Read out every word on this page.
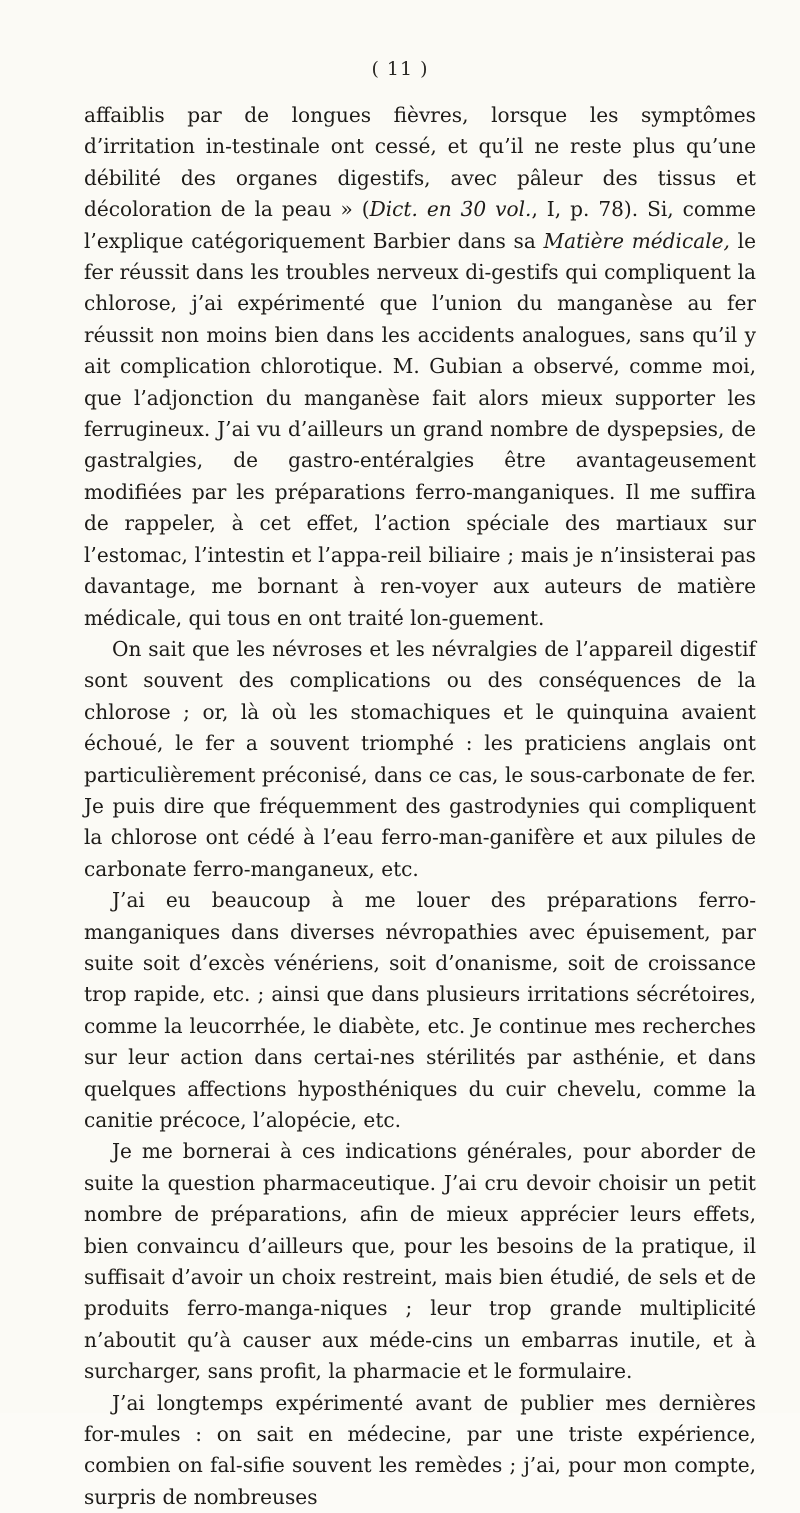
( 11 )

affaiblis par de longues fièvres, lorsque les symptômes d’irritation in-testinale ont cessé, et qu’il ne reste plus qu’une débilité des organes digestifs, avec pâleur des tissus et décoloration de la peau » (Dict. en 30 vol., I, p. 78). Si, comme l’explique catégoriquement Barbier dans sa Matière médicale, le fer réussit dans les troubles nerveux di-gestifs qui compliquent la chlorose, j’ai expérimenté que l’union du manganèse au fer réussit non moins bien dans les accidents analogues, sans qu’il y ait complication chlorotique. M. Gubian a observé, comme moi, que l’adjonction du manganèse fait alors mieux supporter les ferrugineux. J’ai vu d’ailleurs un grand nombre de dyspepsies, de gastralgies, de gastro-entéralgies être avantageusement modifiées par les préparations ferro-manganiques. Il me suffira de rappeler, à cet effet, l’action spéciale des martiaux sur l’estomac, l’intestin et l’appa-reil biliaire ; mais je n’insisterai pas davantage, me bornant à ren-voyer aux auteurs de matière médicale, qui tous en ont traité lon-guement.

On sait que les névroses et les névralgies de l’appareil digestif sont souvent des complications ou des conséquences de la chlorose ; or, là où les stomachiques et le quinquina avaient échoué, le fer a souvent triomphé : les praticiens anglais ont particulièrement préconisé, dans ce cas, le sous-carbonate de fer. Je puis dire que fréquemment des gastrodynies qui compliquent la chlorose ont cédé à l’eau ferro-man-ganifère et aux pilules de carbonate ferro-manganeux, etc.

J’ai eu beaucoup à me louer des préparations ferro-manganiques dans diverses névropathies avec épuisement, par suite soit d’excès vénériens, soit d’onanisme, soit de croissance trop rapide, etc. ; ainsi que dans plusieurs irritations sécrétoires, comme la leucorrhée, le diabète, etc. Je continue mes recherches sur leur action dans certai-nes stérilités par asthénie, et dans quelques affections hyposthéniques du cuir chevelu, comme la canitie précoce, l’alopécie, etc.

Je me bornerai à ces indications générales, pour aborder de suite la question pharmaceutique. J’ai cru devoir choisir un petit nombre de préparations, afin de mieux apprécier leurs effets, bien convaincu d’ailleurs que, pour les besoins de la pratique, il suffisait d’avoir un choix restreint, mais bien étudié, de sels et de produits ferro-manga-niques ; leur trop grande multiplicité n’aboutit qu’à causer aux méde-cins un embarras inutile, et à surcharger, sans profit, la pharmacie et le formulaire.

J’ai longtemps expérimenté avant de publier mes dernières for-mules : on sait en médecine, par une triste expérience, combien on fal-sifie souvent les remèdes ; j’ai, pour mon compte, surpris de nombreuses
